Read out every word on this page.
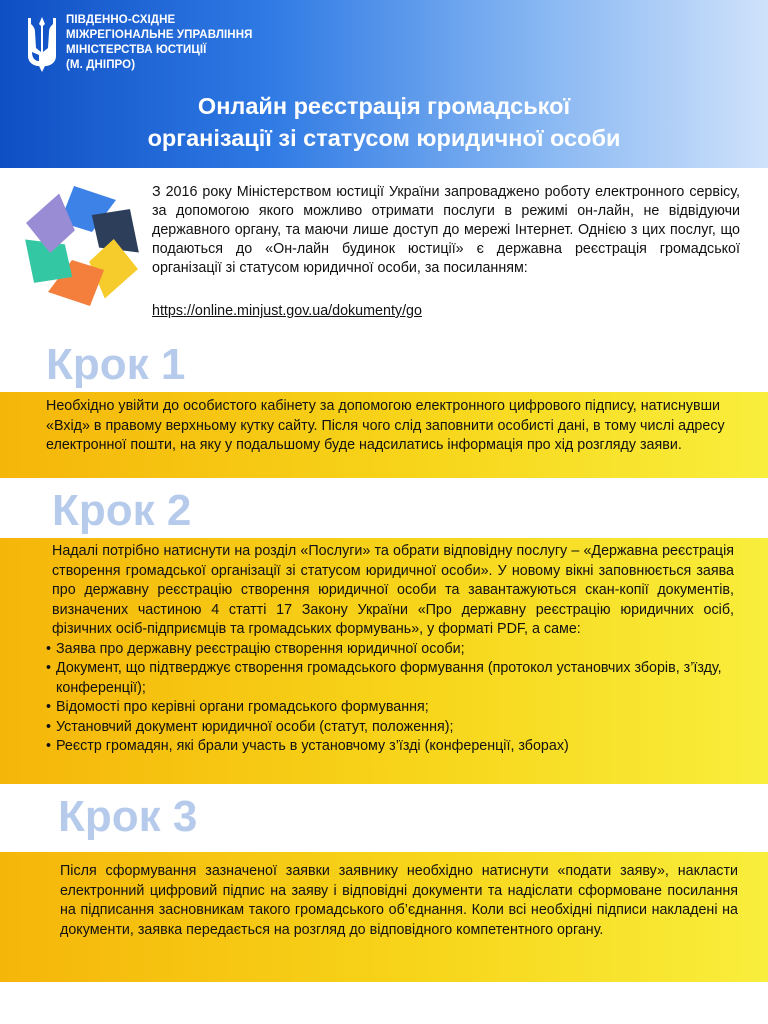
ПІВДЕННО-СХІДНЕ
МІЖРЕГІОНАЛЬНЕ УПРАВЛІННЯ
МІНІСТЕРСТВА ЮСТИЦІЇ
(М. ДНІПРО)
Онлайн реєстрація громадської
організації зі статусом юридичної особи
З 2016 року Міністерством юстиції України запроваджено роботу електронного сервісу, за допомогою якого можливо отримати послуги в режимі он-лайн, не відвідуючи державного органу, та маючи лише доступ до мережі Інтернет. Однією з цих послуг, що подаються до «Он-лайн будинок юстиції» є державна реєстрація громадської організації зі статусом юридичної особи, за посиланням:
https://online.minjust.gov.ua/dokumenty/go
Крок 1
Необхідно увійти до особистого кабінету за допомогою електронного цифрового підпису, натиснувши «Вхід» в правому верхньому кутку сайту. Після чого слід заповнити особисті дані, в тому числі адресу електронної пошти, на яку у подальшому буде надсилатись інформація про хід розгляду заяви.
Крок 2
Надалі потрібно натиснути на розділ «Послуги» та обрати відповідну послугу – «Державна реєстрація створення громадської організації зі статусом юридичної особи». У новому вікні заповнюється заява про державну реєстрацію створення юридичної особи та завантажуються скан-копії документів, визначених частиною 4 статті 17 Закону України «Про державну реєстрацію юридичних осіб, фізичних осіб-підприємців та громадських формувань», у форматі PDF, а саме:
• Заява про державну реєстрацію створення юридичної особи;
• Документ, що підтверджує створення громадського формування (протокол установчих зборів, з’їзду, конференції);
• Відомості про керівні органи громадського формування;
• Установчий документ юридичної особи (статут, положення);
• Реєстр громадян, які брали участь в установчому з’їзді (конференції, зборах)
Крок 3
Після сформування зазначеної заявки заявнику необхідно натиснути «подати заяву», накласти електронний цифровий підпис на заяву і відповідні документи та надіслати сформоване посилання на підписання засновникам такого громадського об’єднання. Коли всі необхідні підписи накладені на документи, заявка передається на розгляд до відповідного компетентного органу.
